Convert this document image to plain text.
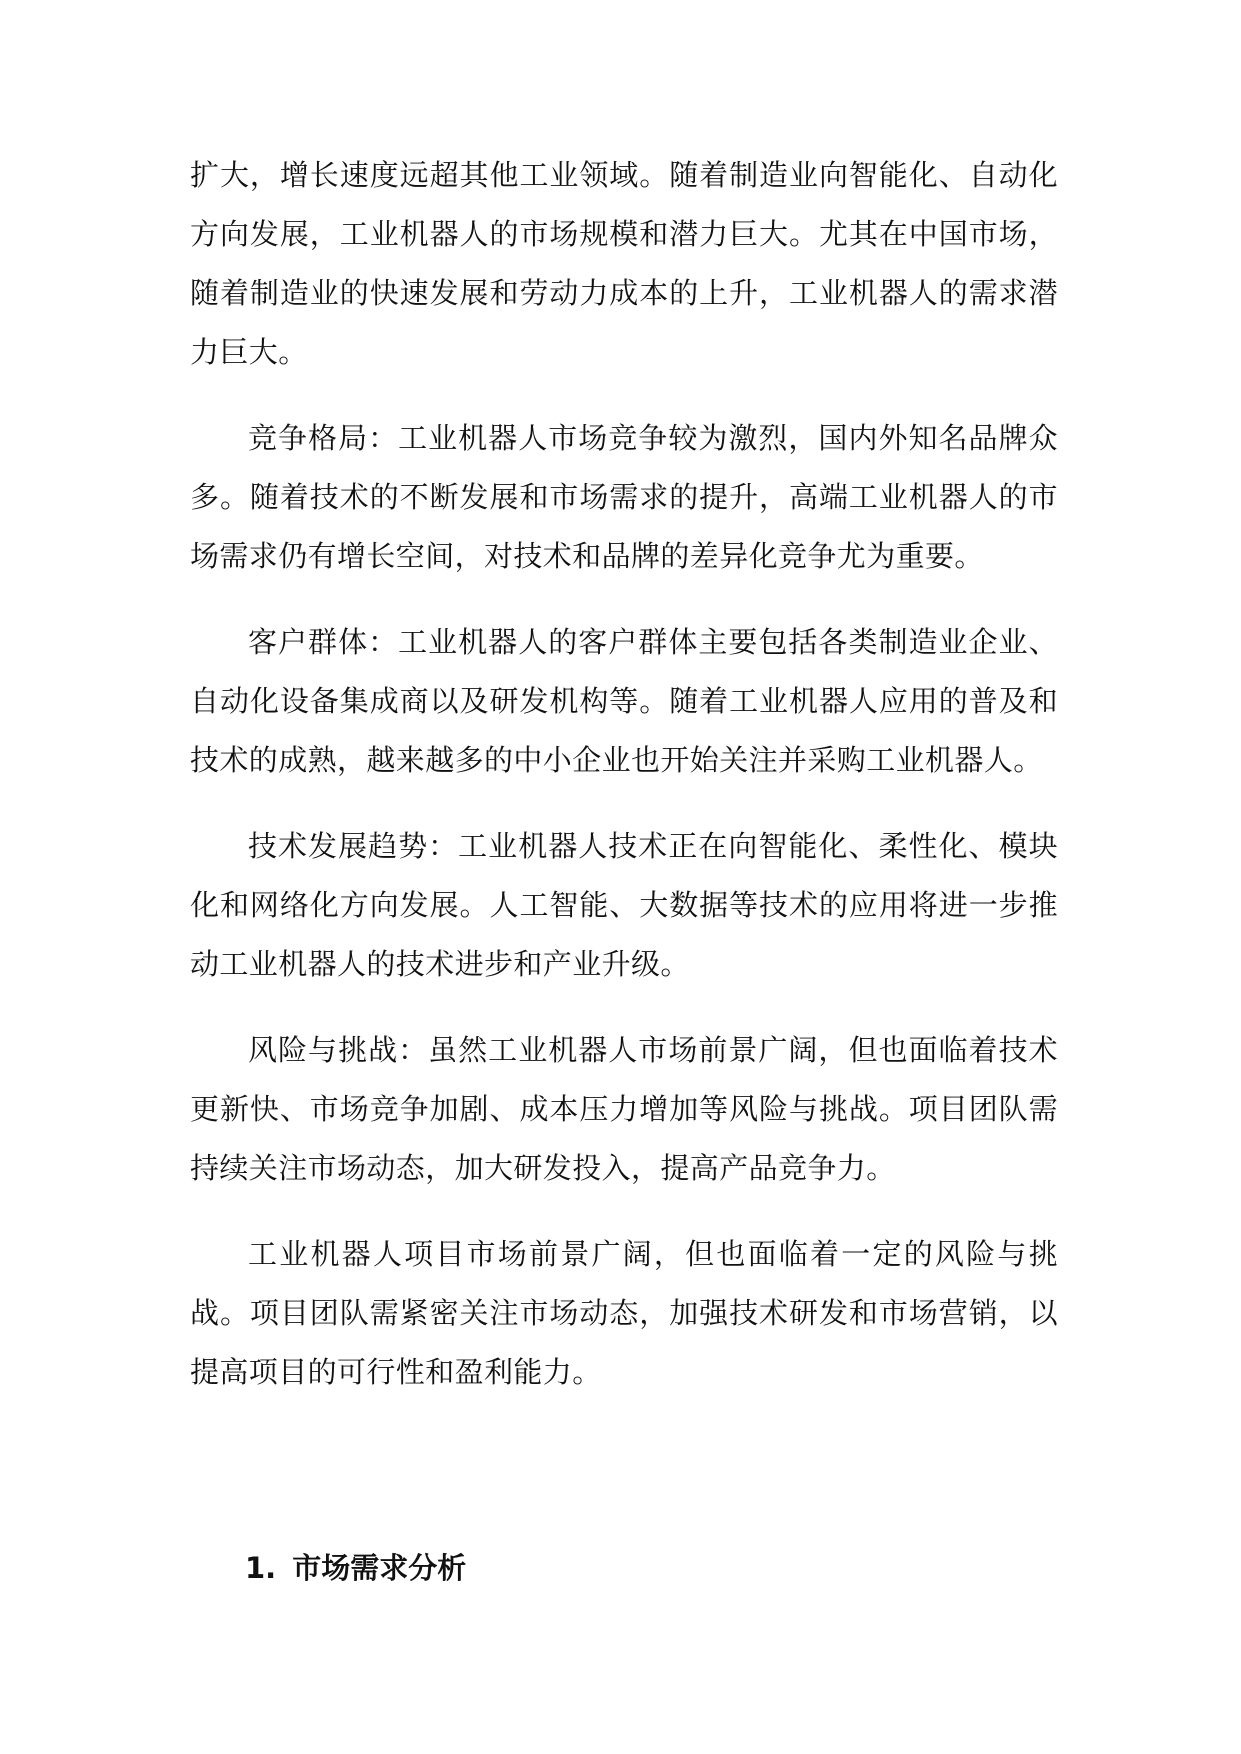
扩大，增长速度远超其他工业领域。随着制造业向智能化、自动化方向发展，工业机器人的市场规模和潜力巨大。尤其在中国市场，随着制造业的快速发展和劳动力成本的上升，工业机器人的需求潜力巨大。

竞争格局：工业机器人市场竞争较为激烈，国内外知名品牌众多。随着技术的不断发展和市场需求的提升，高端工业机器人的市场需求仍有增长空间，对技术和品牌的差异化竞争尤为重要。

客户群体：工业机器人的客户群体主要包括各类制造业企业、自动化设备集成商以及研发机构等。随着工业机器人应用的普及和技术的成熟，越来越多的中小企业也开始关注并采购工业机器人。

技术发展趋势：工业机器人技术正在向智能化、柔性化、模块化和网络化方向发展。人工智能、大数据等技术的应用将进一步推动工业机器人的技术进步和产业升级。

风险与挑战：虽然工业机器人市场前景广阔，但也面临着技术更新快、市场竞争加剧、成本压力增加等风险与挑战。项目团队需持续关注市场动态，加大研发投入，提高产品竞争力。

工业机器人项目市场前景广阔，但也面临着一定的风险与挑战。项目团队需紧密关注市场动态，加强技术研发和市场营销，以提高项目的可行性和盈利能力。

1. 市场需求分析
